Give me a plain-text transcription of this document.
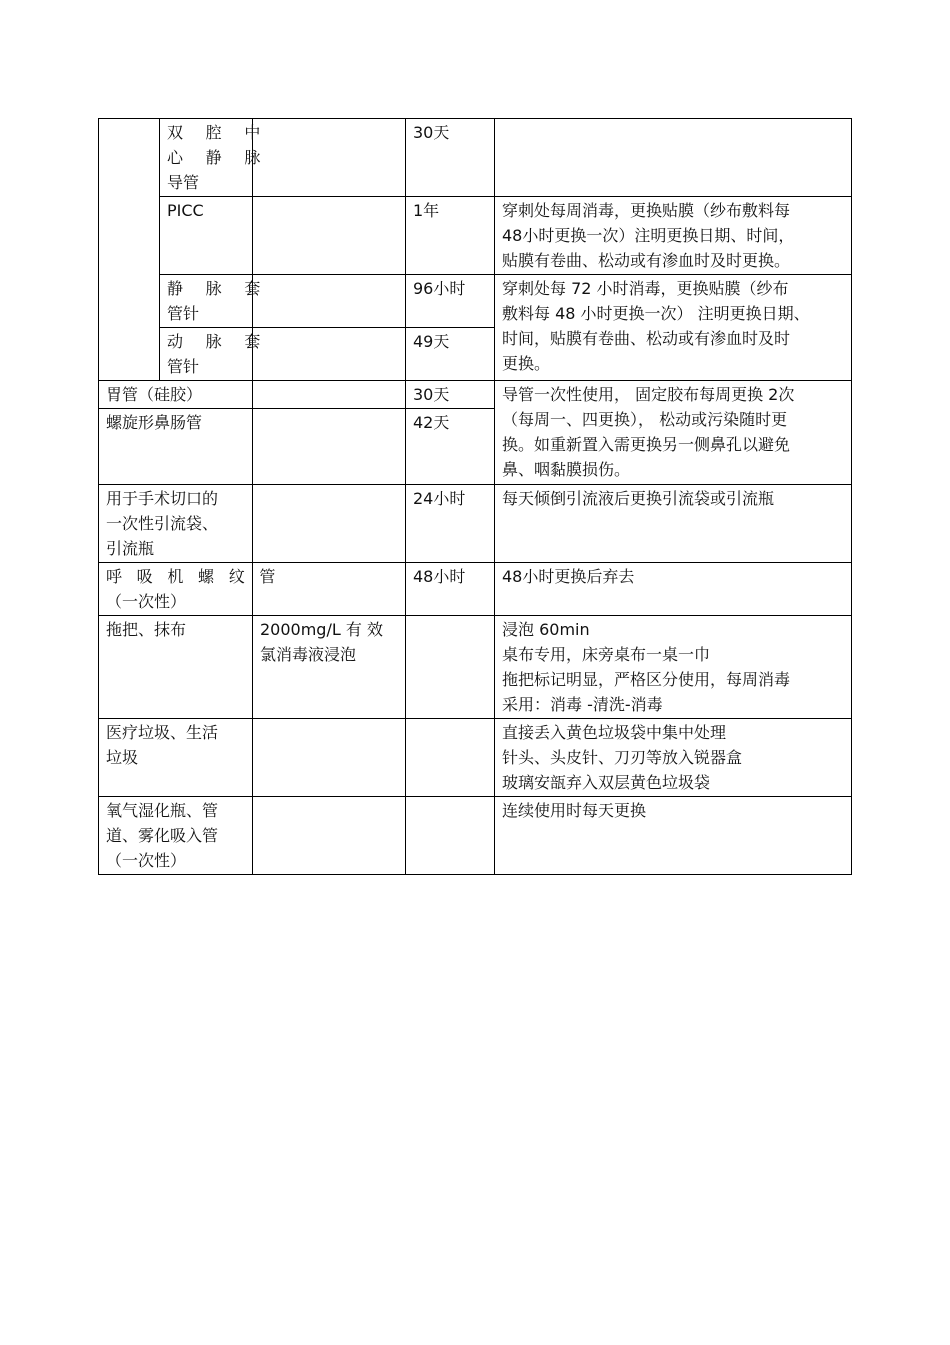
	双 腔 中
心 静 脉
导管		30天	
	PICC		1年	穿刺处每周消毒，更换贴膜（纱布敷料每
48小时更换一次）注明更换日期、时间，
贴膜有卷曲、松动或有渗血时及时更换。

	静 脉 套
管针		96小时	穿刺处每 72 小时消毒，更换贴膜（纱布
敷料每 48 小时更换一次） 注明更换日期、
时间，贴膜有卷曲、松动或有渗血时及时
更换。

	动 脉 套
管针		49天	
胃管（硅胶）			30天	导管一次性使用， 固定胶布每周更换 2次
（每周一、四更换）， 松动或污染随时更
换。如重新置入需更换另一侧鼻孔以避免
鼻、咽黏膜损伤。

螺旋形鼻肠管			42天	

用于手术切口的
一次性引流袋、
引流瓶			24小时	每天倾倒引流液后更换引流袋或引流瓶

呼 吸 机 螺 纹 管
（一次性）			48小时	48小时更换后弃去
拖把、抹布		2000mg/L 有 效
氯消毒液浸泡		浸泡 60min
桌布专用，床旁桌布一桌一巾
拖把标记明显，严格区分使用，每周消毒
采用：消毒 -清洗-消毒

医疗垃圾、生活
垃圾				直接丢入黄色垃圾袋中集中处理
针头、头皮针、刀刃等放入锐器盒
玻璃安瓿弃入双层黄色垃圾袋

氧气湿化瓶、管
道、雾化吸入管
（一次性）				连续使用时每天更换
